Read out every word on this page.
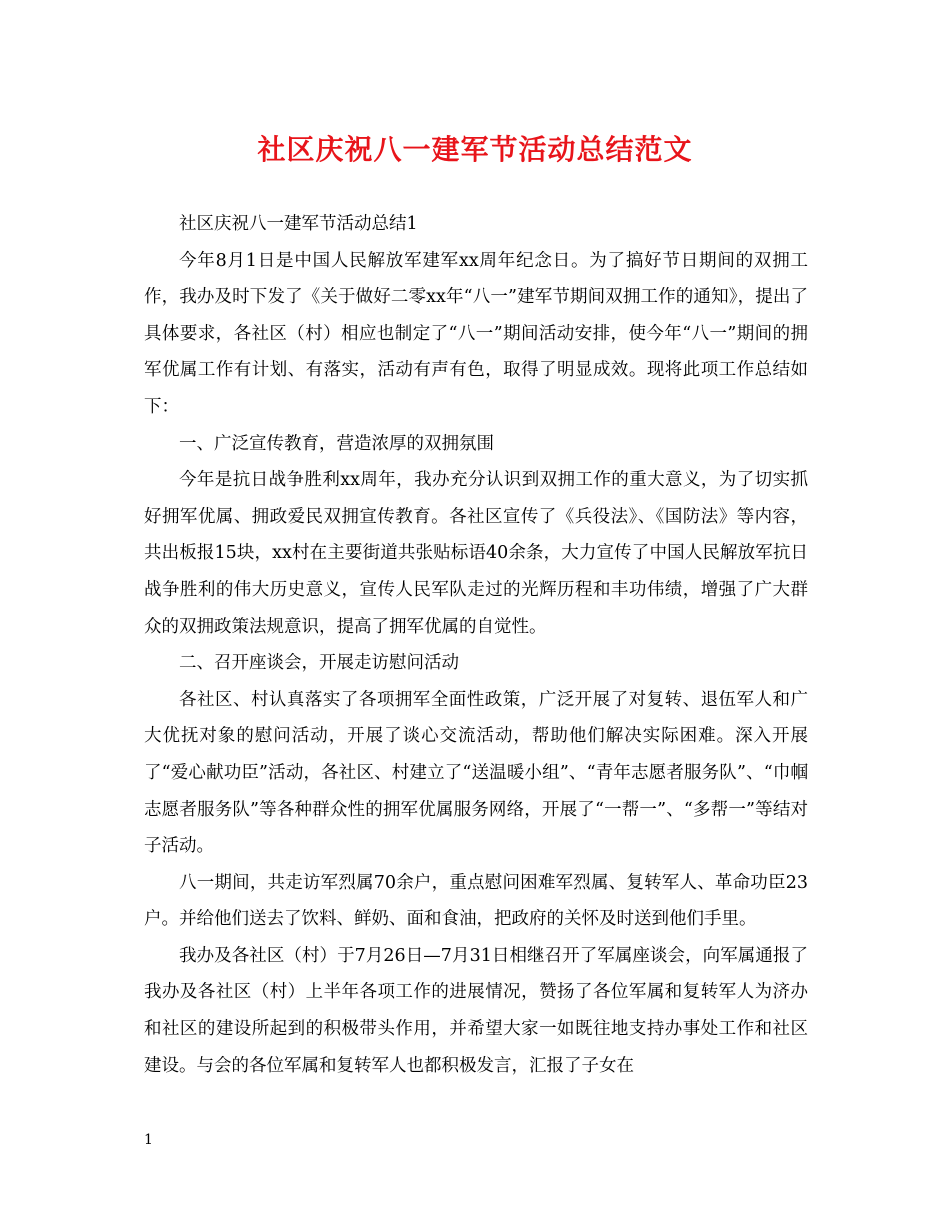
社区庆祝八一建军节活动总结范文

社区庆祝八一建军节活动总结1

今年8月1日是中国人民解放军建军xx周年纪念日。为了搞好节日期间的双拥工作，我办及时下发了《关于做好二零xx年“八一”建军节期间双拥工作的通知》，提出了具体要求，各社区（村）相应也制定了“八一”期间活动安排，使今年“八一”期间的拥军优属工作有计划、有落实，活动有声有色，取得了明显成效。现将此项工作总结如下：

一、广泛宣传教育，营造浓厚的双拥氛围

今年是抗日战争胜利xx周年，我办充分认识到双拥工作的重大意义，为了切实抓好拥军优属、拥政爱民双拥宣传教育。各社区宣传了《兵役法》、《国防法》等内容，共出板报15块，xx村在主要街道共张贴标语40余条，大力宣传了中国人民解放军抗日战争胜利的伟大历史意义，宣传人民军队走过的光辉历程和丰功伟绩，增强了广大群众的双拥政策法规意识，提高了拥军优属的自觉性。

二、召开座谈会，开展走访慰问活动

各社区、村认真落实了各项拥军全面性政策，广泛开展了对复转、退伍军人和广大优抚对象的慰问活动，开展了谈心交流活动，帮助他们解决实际困难。深入开展了“爱心献功臣”活动，各社区、村建立了“送温暖小组”、“青年志愿者服务队”、“巾帼志愿者服务队”等各种群众性的拥军优属服务网络，开展了“一帮一”、“多帮一”等结对子活动。

八一期间，共走访军烈属70余户，重点慰问困难军烈属、复转军人、革命功臣23户。并给他们送去了饮料、鲜奶、面和食油，把政府的关怀及时送到他们手里。

我办及各社区（村）于7月26日—7月31日相继召开了军属座谈会，向军属通报了我办及各社区（村）上半年各项工作的进展情况，赞扬了各位军属和复转军人为济办和社区的建设所起到的积极带头作用，并希望大家一如既往地支持办事处工作和社区建设。与会的各位军属和复转军人也都积极发言，汇报了子女在

1
